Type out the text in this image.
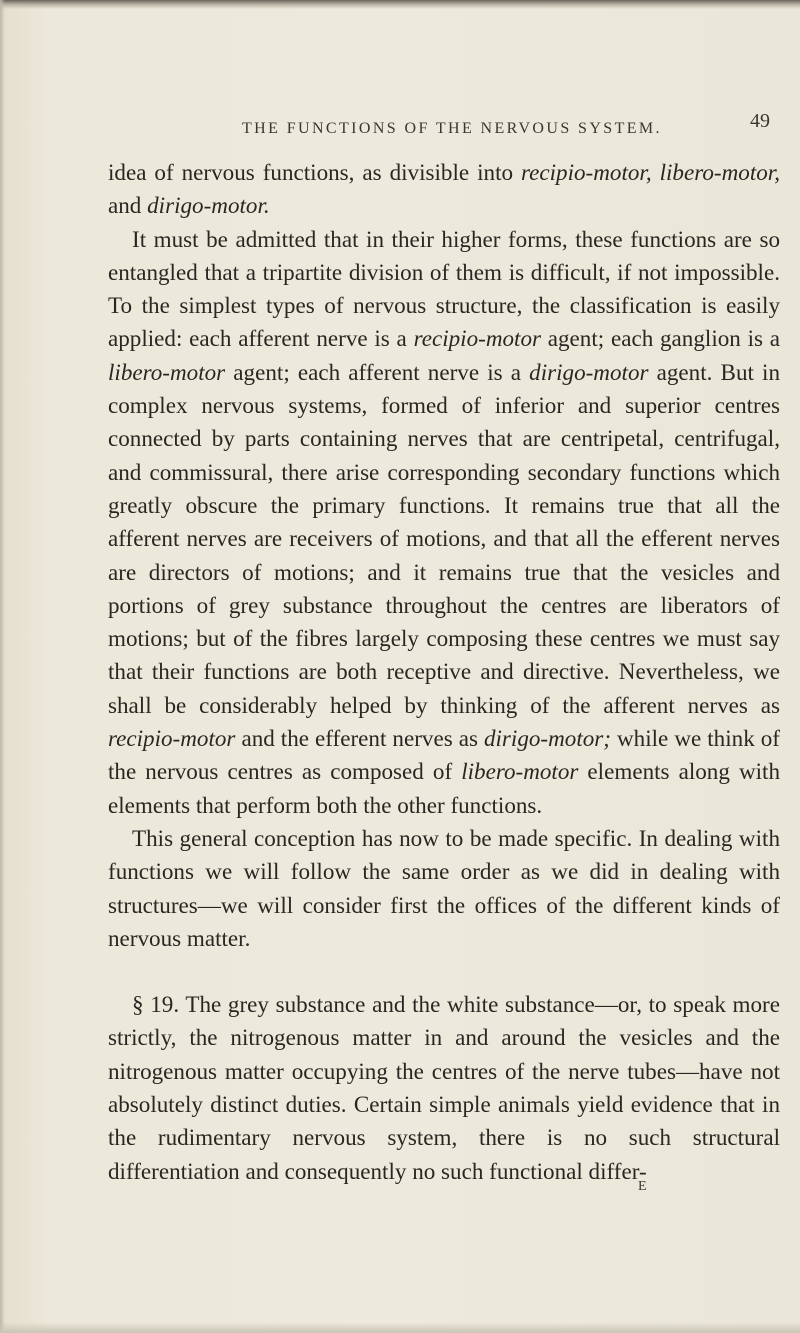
THE FUNCTIONS OF THE NERVOUS SYSTEM.	49

idea of nervous functions, as divisible into recipio-motor, libero-motor, and dirigo-motor.

It must be admitted that in their higher forms, these functions are so entangled that a tripartite division of them is difficult, if not impossible. To the simplest types of nervous structure, the classification is easily applied: each afferent nerve is a recipio-motor agent; each ganglion is a libero-motor agent; each afferent nerve is a dirigo-motor agent. But in complex nervous systems, formed of inferior and superior centres connected by parts containing nerves that are centripetal, centrifugal, and commissural, there arise corresponding secondary functions which greatly obscure the primary functions. It remains true that all the afferent nerves are receivers of motions, and that all the efferent nerves are directors of motions; and it remains true that the vesicles and portions of grey substance throughout the centres are liberators of motions; but of the fibres largely composing these centres we must say that their functions are both receptive and directive. Nevertheless, we shall be considerably helped by thinking of the afferent nerves as recipio-motor and the efferent nerves as dirigo-motor; while we think of the nervous centres as composed of libero-motor elements along with elements that perform both the other functions.

This general conception has now to be made specific. In dealing with functions we will follow the same order as we did in dealing with structures—we will consider first the offices of the different kinds of nervous matter.

§ 19. The grey substance and the white substance—or, to speak more strictly, the nitrogenous matter in and around the vesicles and the nitrogenous matter occupying the centres of the nerve tubes—have not absolutely distinct duties. Certain simple animals yield evidence that in the rudimentary nervous system, there is no such structural differentiation and consequently no such functional differ-

E
